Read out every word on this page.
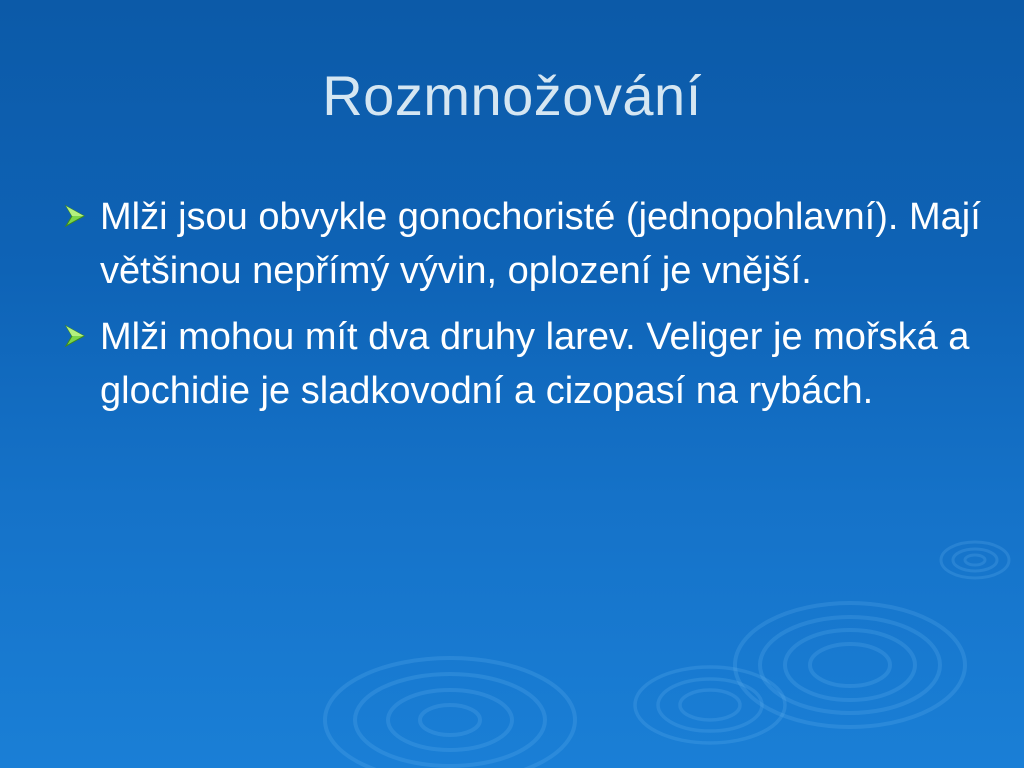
Rozmnožování
Mlži jsou obvykle gonochoristé (jednopohlavní). Mají většinou nepřímý vývin, oplození je vnější.
Mlži mohou mít dva druhy larev. Veliger je mořská a glochidie je sladkovodní a cizopasí na rybách.
